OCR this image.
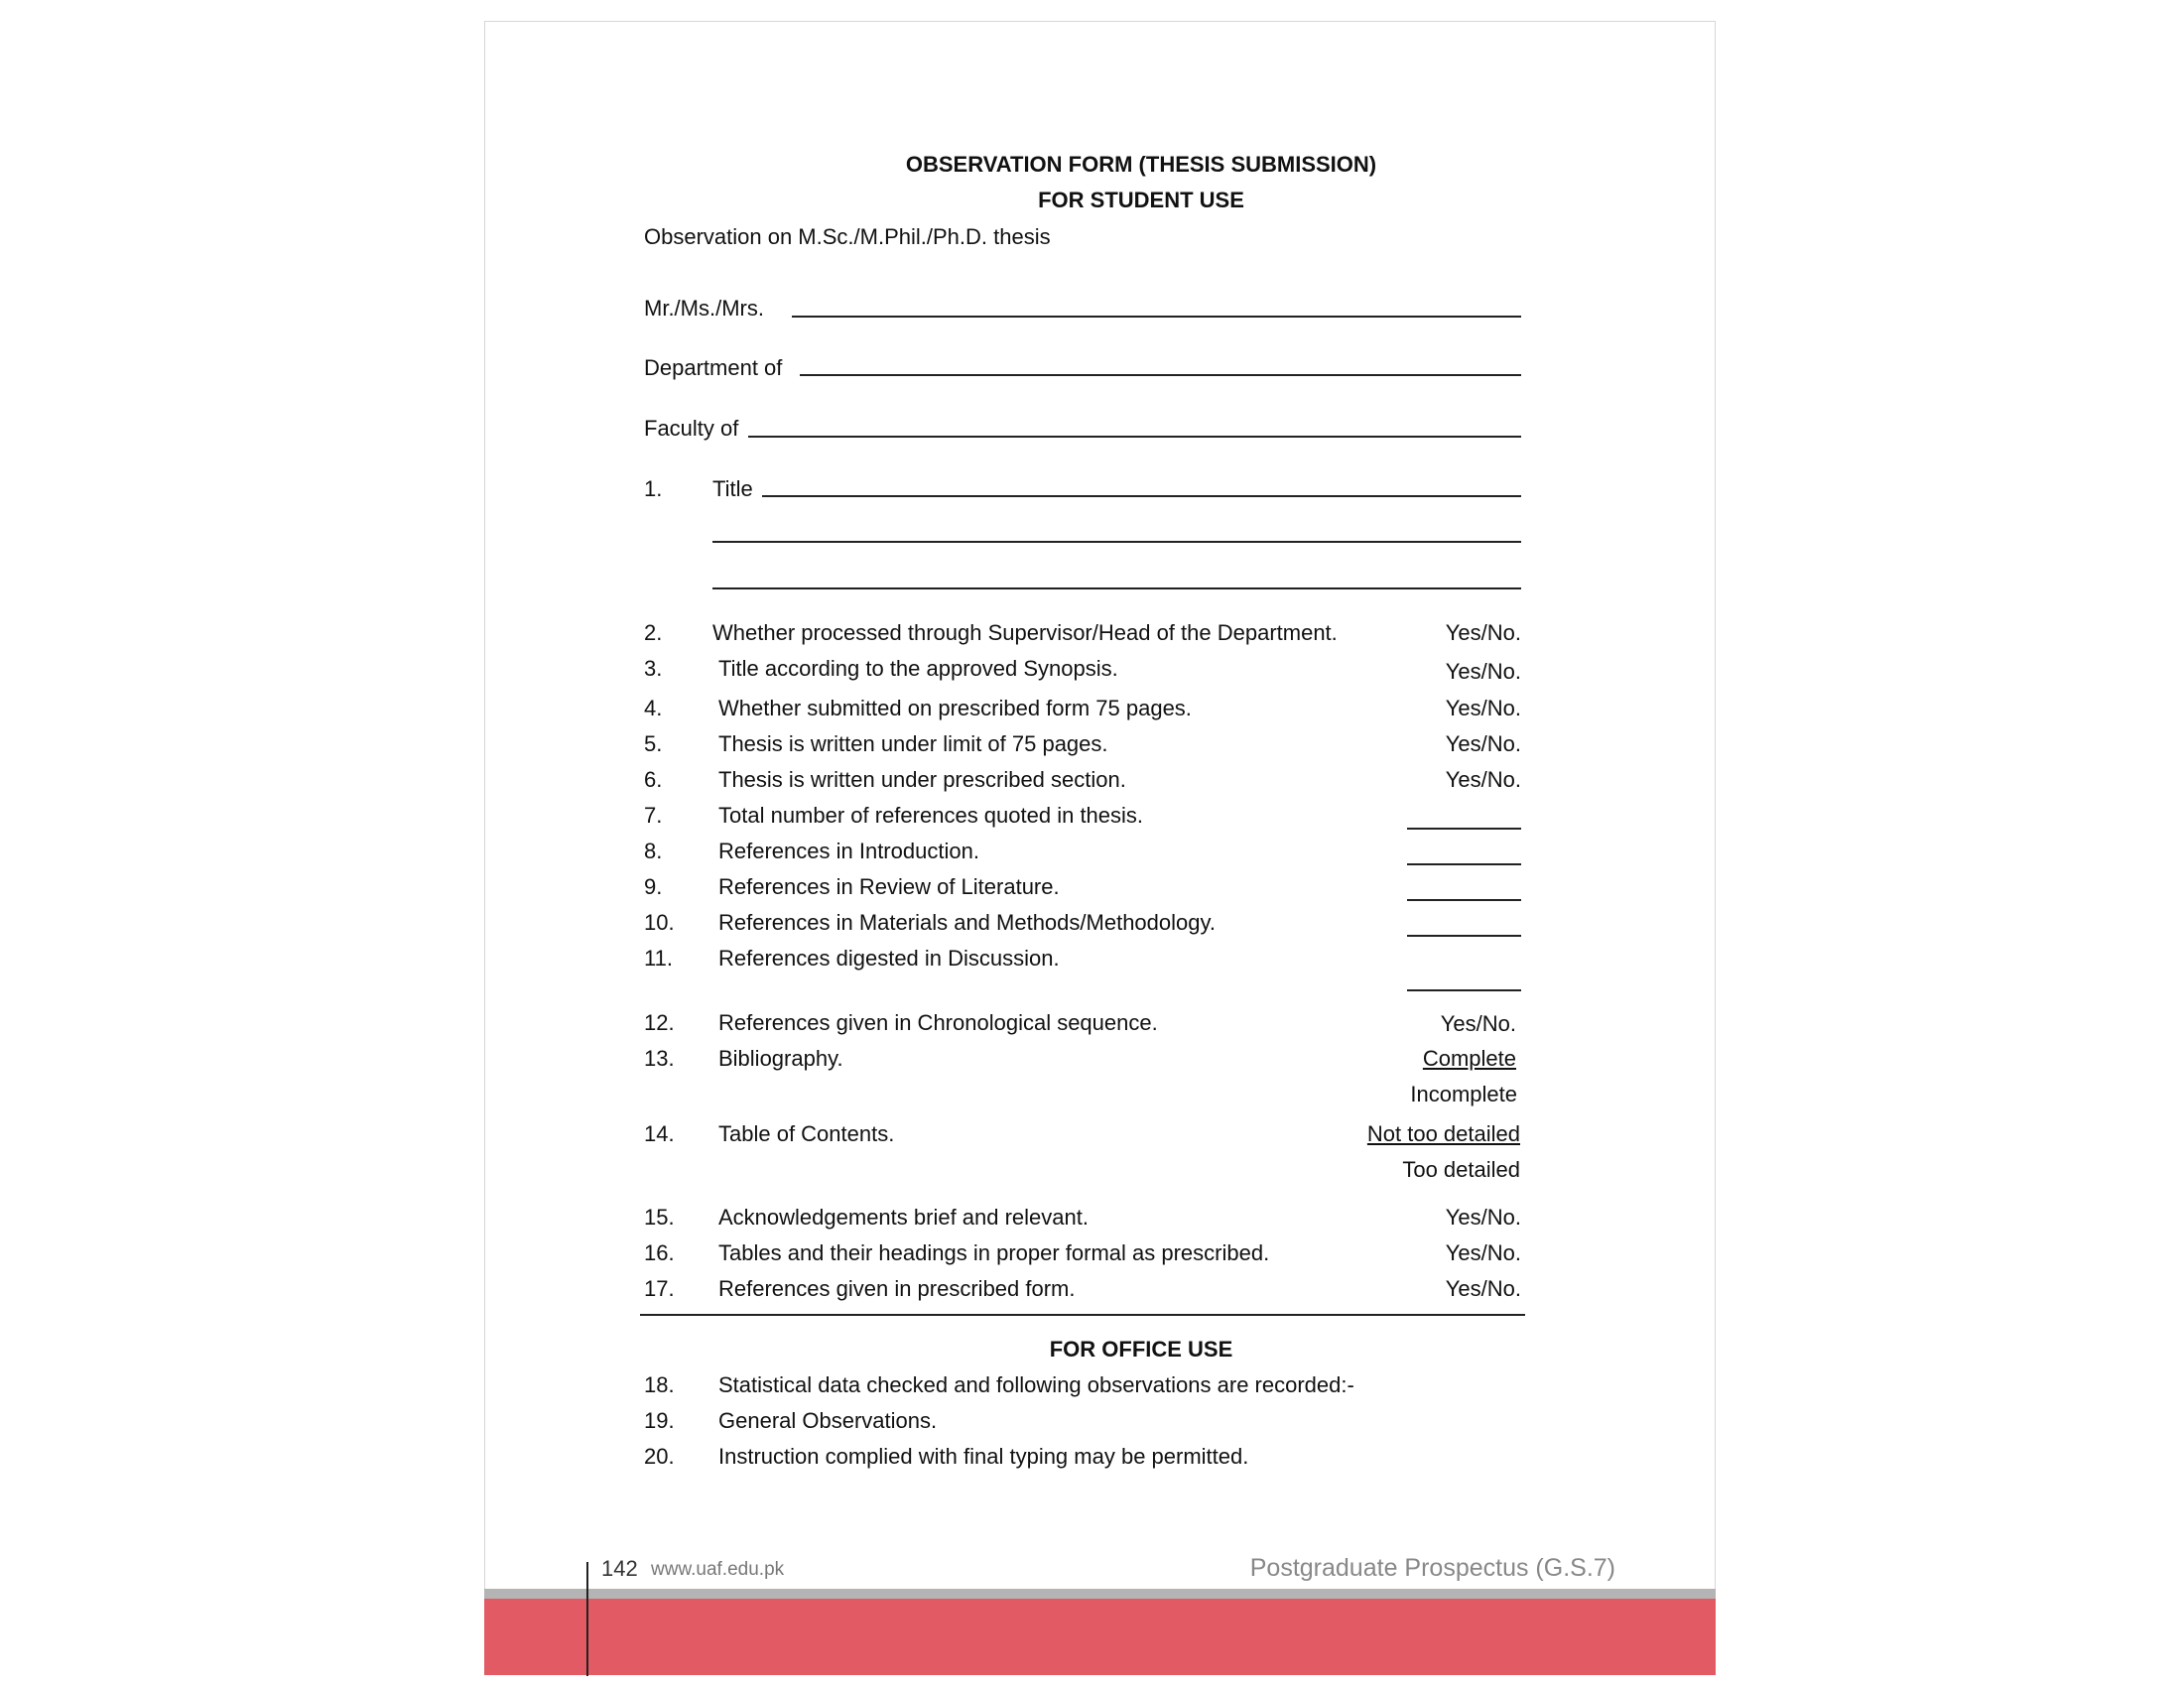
OBSERVATION FORM (THESIS SUBMISSION)
FOR STUDENT USE
Observation on M.Sc./M.Phil./Ph.D. thesis
Mr./Ms./Mrs.
Department of
Faculty of
1. Title
2. Whether processed through Supervisor/Head of the Department.	Yes/No.
3.	Title according to the approved Synopsis.	Yes/No.
4.	Whether submitted on prescribed form 75 pages.	Yes/No.
5.	Thesis is written under limit of 75 pages.	Yes/No.
6.	Thesis is written under prescribed section.	Yes/No.
7.	Total number of references quoted in thesis.
8.	References in Introduction.
9.	References in Review of Literature.
10. References in Materials and Methods/Methodology.
11. References digested in Discussion.
12. References given in Chronological sequence.	Yes/No.
13. Bibliography.	Complete
Incomplete
14. Table of Contents.	Not too detailed
Too detailed
15. Acknowledgements brief and relevant.	Yes/No.
16. Tables and their headings in proper formal as prescribed.	Yes/No.
17. References given in prescribed form.	Yes/No.
FOR OFFICE USE
18. Statistical data checked and following observations are recorded:-
19. General Observations.
20. Instruction complied with final typing may be permitted.
142 www.uaf.edu.pk	Postgraduate Prospectus (G.S.7)
